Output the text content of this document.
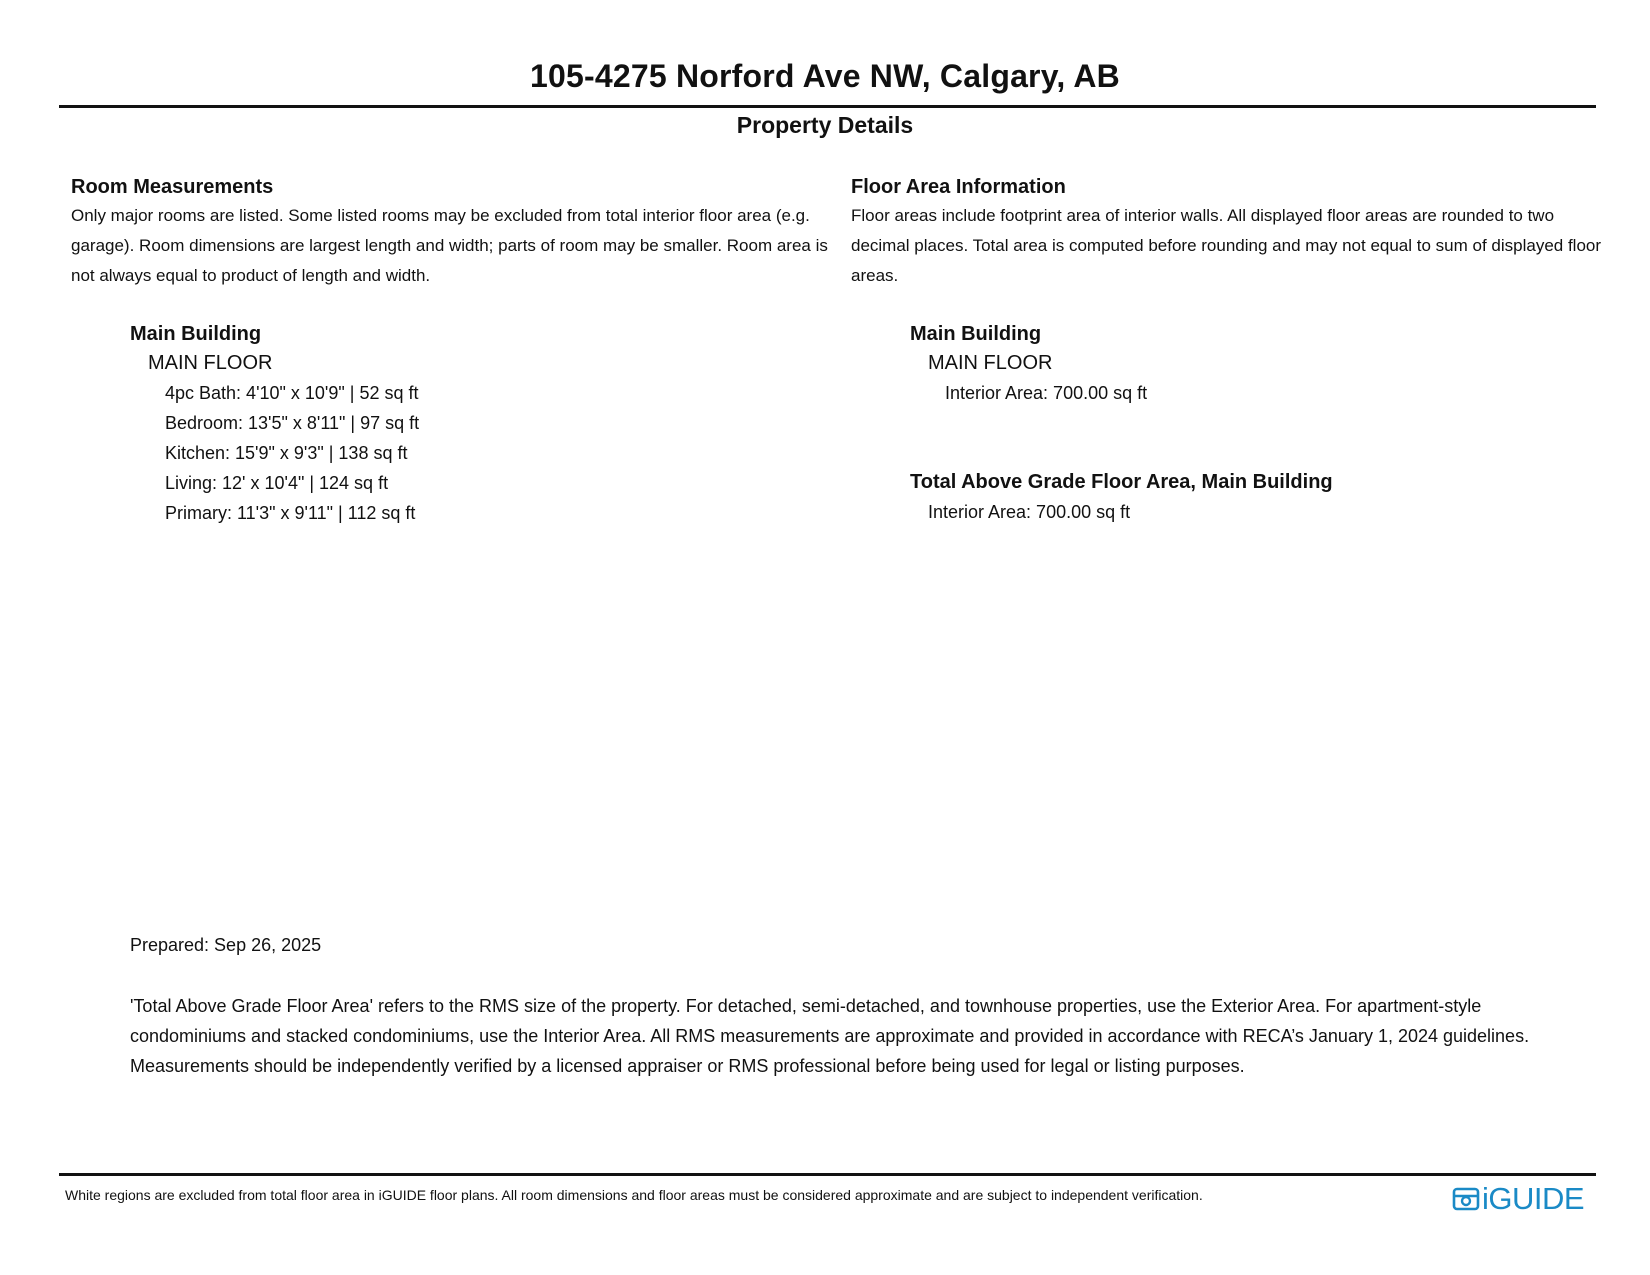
105-4275 Norford Ave NW, Calgary, AB
Property Details
Room Measurements

Only major rooms are listed. Some listed rooms may be excluded from total interior floor area (e.g. garage). Room dimensions are largest length and width; parts of room may be smaller. Room area is not always equal to product of length and width.

Main Building
MAIN FLOOR
4pc Bath: 4'10" x 10'9" | 52 sq ft
Bedroom: 13'5" x 8'11" | 97 sq ft
Kitchen: 15'9" x 9'3" | 138 sq ft
Living: 12' x 10'4" | 124 sq ft
Primary: 11'3" x 9'11" | 112 sq ft
Floor Area Information

Floor areas include footprint area of interior walls. All displayed floor areas are rounded to two decimal places. Total area is computed before rounding and may not equal to sum of displayed floor areas.

Main Building
MAIN FLOOR
Interior Area: 700.00 sq ft
Total Above Grade Floor Area, Main Building
Interior Area: 700.00 sq ft
Prepared: Sep 26, 2025
'Total Above Grade Floor Area' refers to the RMS size of the property. For detached, semi-detached, and townhouse properties, use the Exterior Area. For apartment-style condominiums and stacked condominiums, use the Interior Area. All RMS measurements are approximate and provided in accordance with RECA’s January 1, 2024 guidelines. Measurements should be independently verified by a licensed appraiser or RMS professional before being used for legal or listing purposes.
White regions are excluded from total floor area in iGUIDE floor plans. All room dimensions and floor areas must be considered approximate and are subject to independent verification.	iGUIDE
